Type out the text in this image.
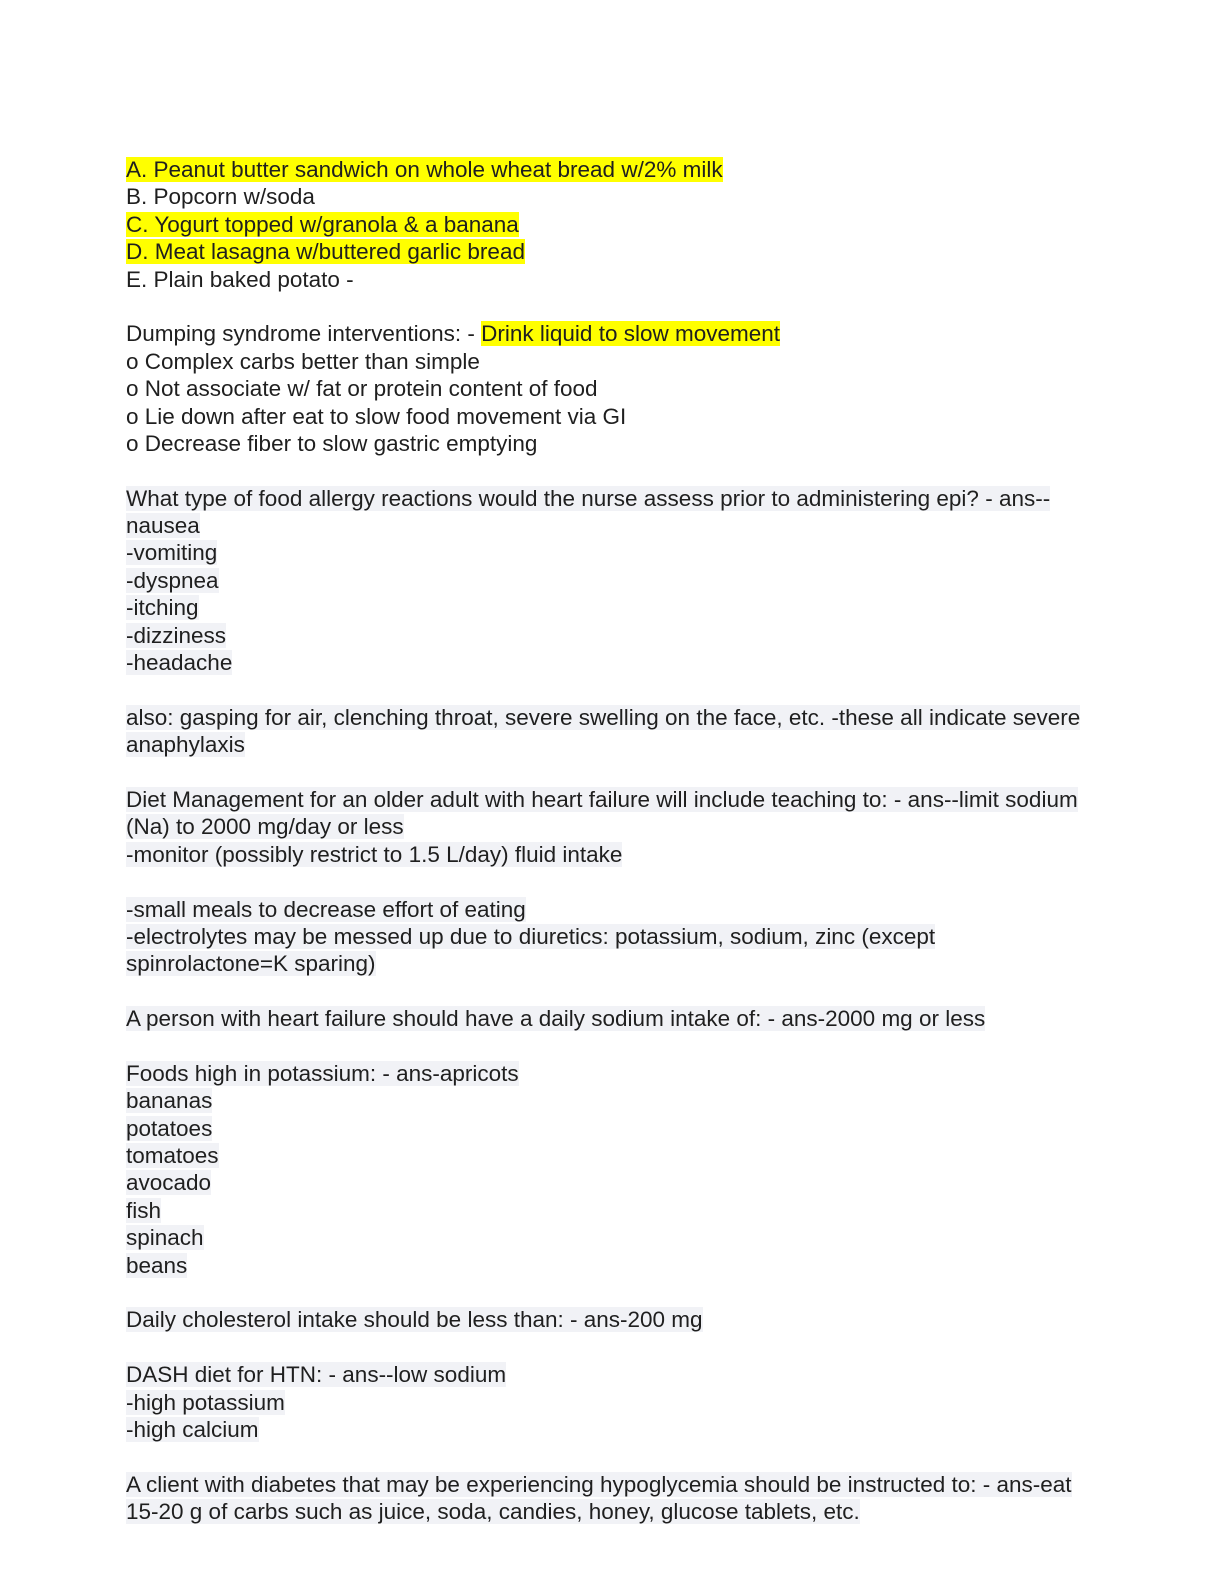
A. Peanut butter sandwich on whole wheat bread w/2% milk
B. Popcorn w/soda
C. Yogurt topped w/granola & a banana
D. Meat lasagna w/buttered garlic bread
E. Plain baked potato -
Dumping syndrome interventions: - Drink liquid to slow movement
o Complex carbs better than simple
o Not associate w/ fat or protein content of food
o Lie down after eat to slow food movement via GI
o Decrease fiber to slow gastric emptying
What type of food allergy reactions would the nurse assess prior to administering epi? - ans--
nausea
-vomiting
-dyspnea
-itching
-dizziness
-headache
also: gasping for air, clenching throat, severe swelling on the face, etc. -these all indicate severe
anaphylaxis
Diet Management for an older adult with heart failure will include teaching to: - ans--limit sodium
(Na) to 2000 mg/day or less
-monitor (possibly restrict to 1.5 L/day) fluid intake
-small meals to decrease effort of eating
-electrolytes may be messed up due to diuretics: potassium, sodium, zinc (except
spinrolactone=K sparing)
A person with heart failure should have a daily sodium intake of: - ans-2000 mg or less
Foods high in potassium: - ans-apricots
bananas
potatoes
tomatoes
avocado
fish
spinach
beans
Daily cholesterol intake should be less than: - ans-200 mg
DASH diet for HTN: - ans--low sodium
-high potassium
-high calcium
A client with diabetes that may be experiencing hypoglycemia should be instructed to: - ans-eat
15-20 g of carbs such as juice, soda, candies, honey, glucose tablets, etc.
